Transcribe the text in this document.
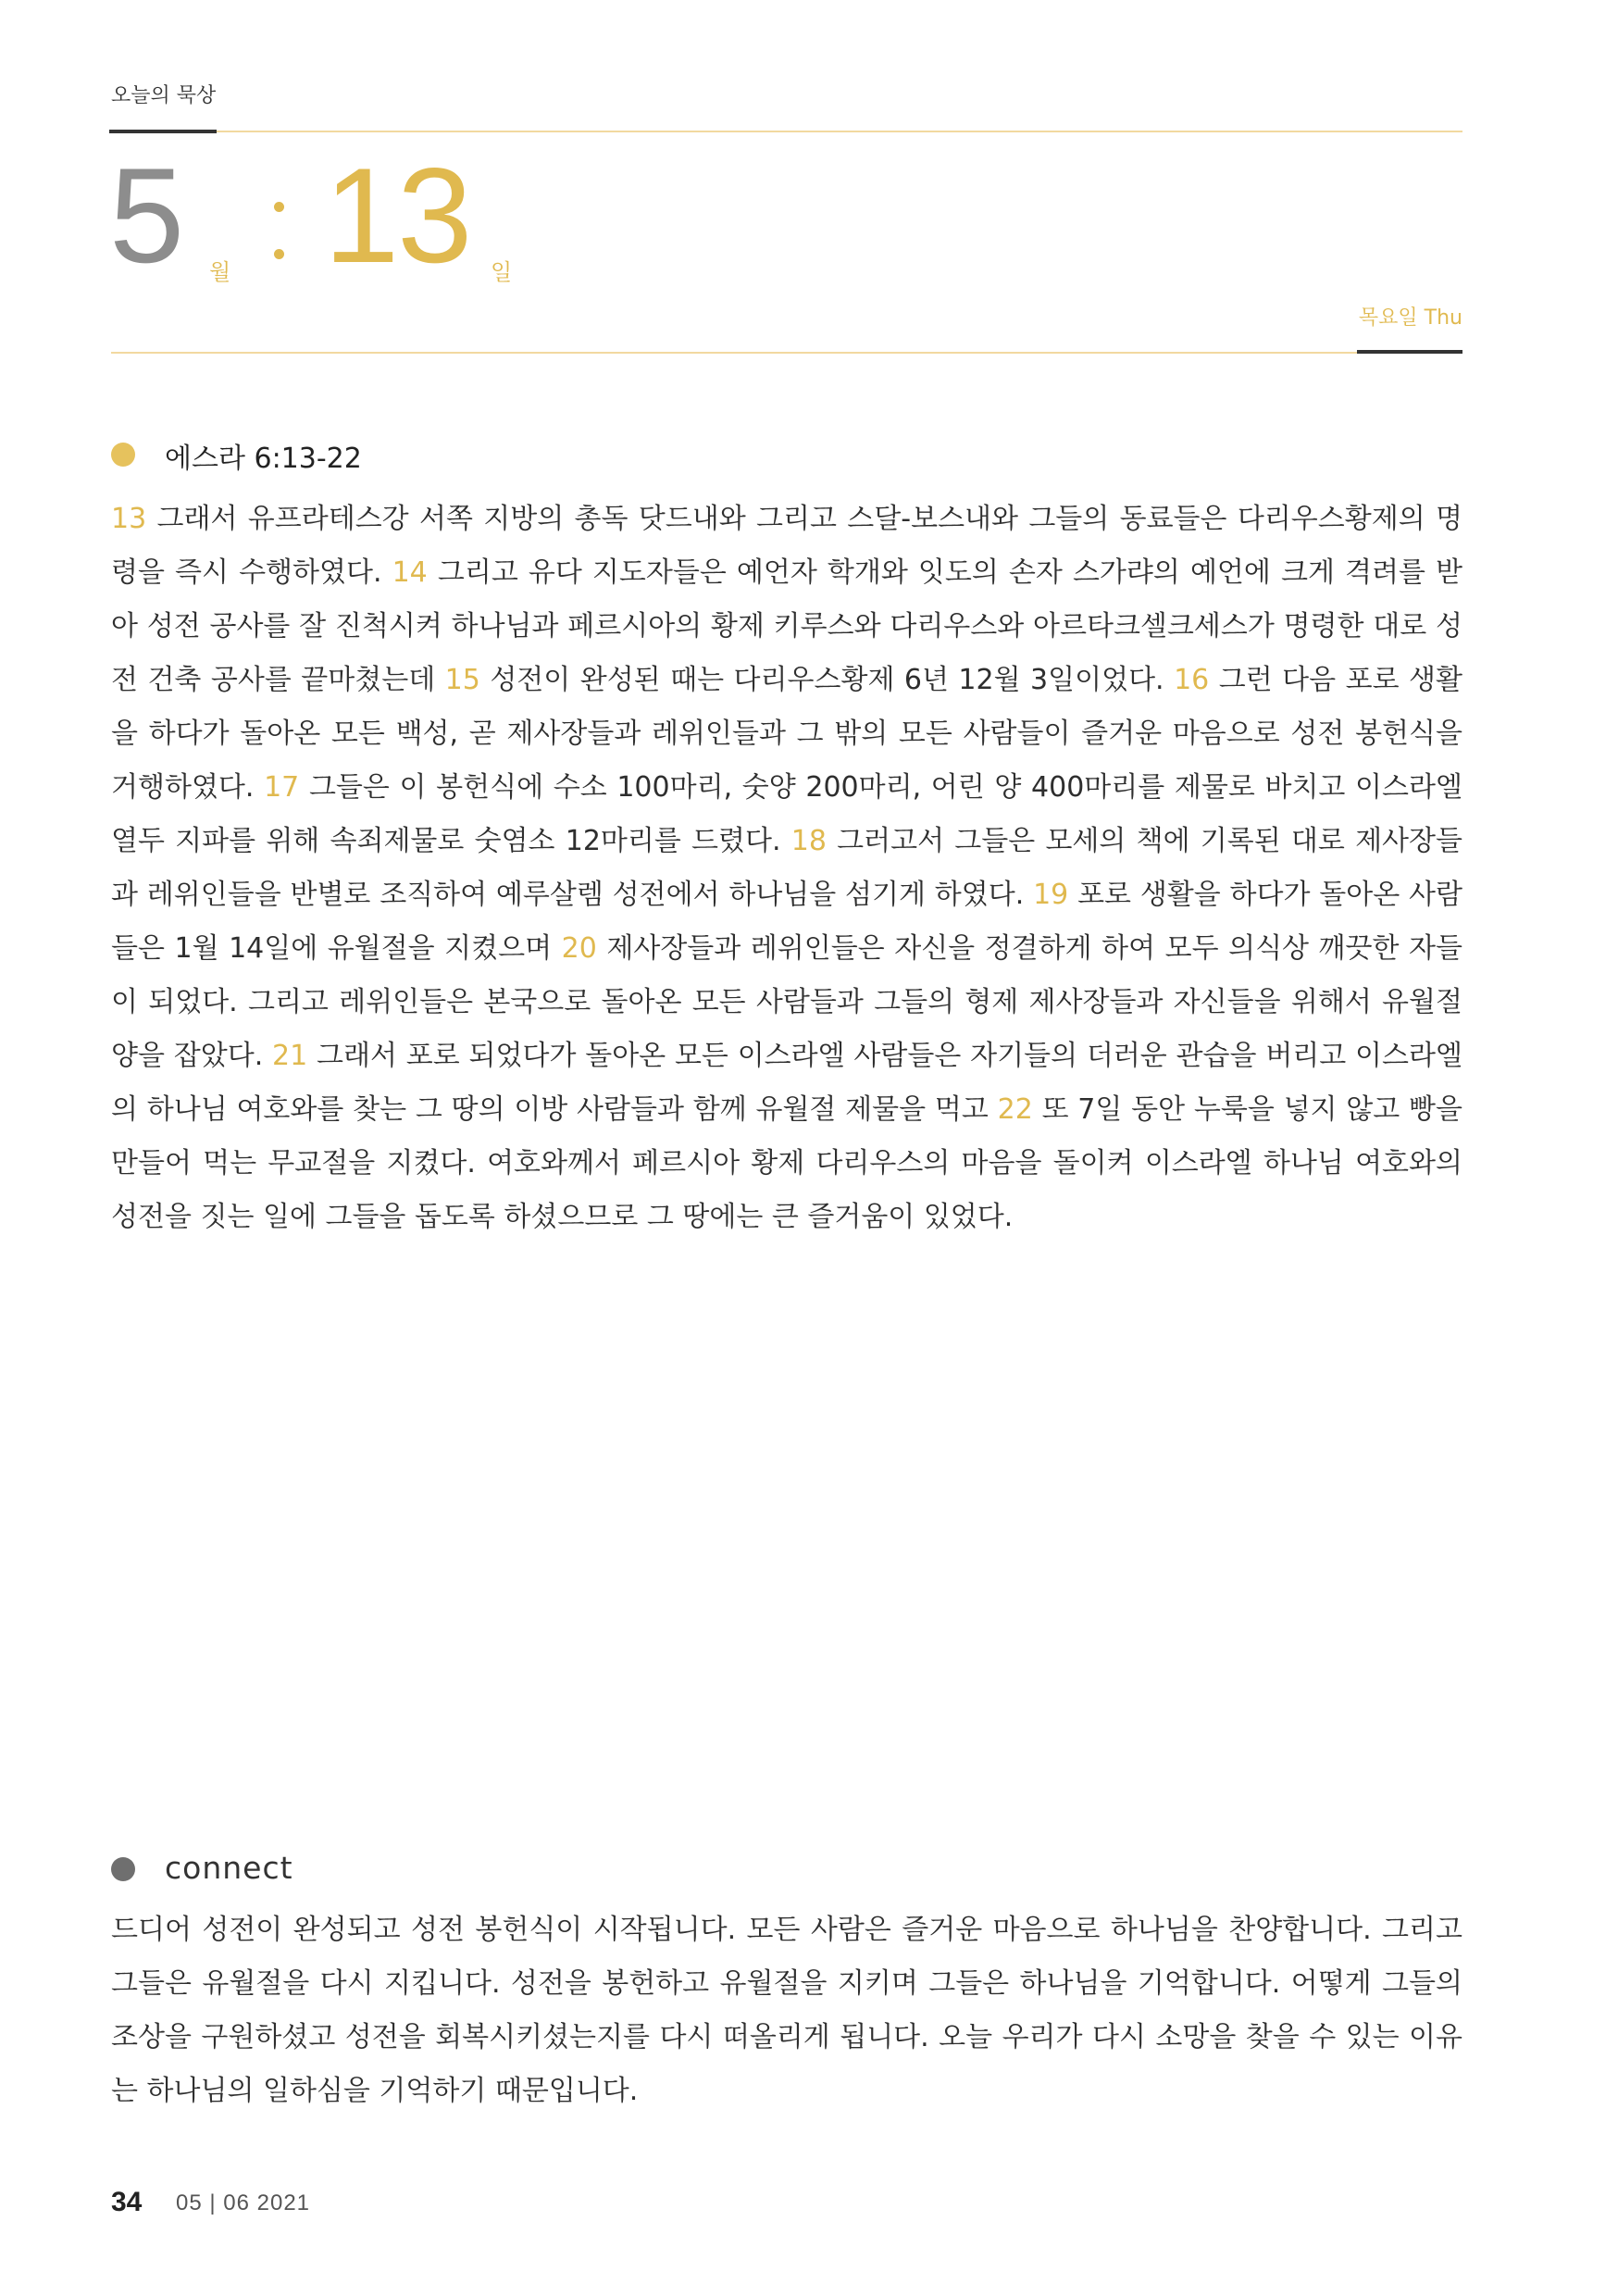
오늘의 묵상
5 월 13 일
목요일 Thu
에스라 6:13-22
13 그래서 유프라테스강 서쪽 지방의 총독 닷드내와 그리고 스달-보스내와 그들의 동료들은 다리우스황제의 명령을 즉시 수행하였다. 14 그리고 유다 지도자들은 예언자 학개와 잇도의 손자 스가랴의 예언에 크게 격려를 받아 성전 공사를 잘 진척시켜 하나님과 페르시아의 황제 키루스와 다리우스와 아르타크셀크세스가 명령한 대로 성전 건축 공사를 끝마쳤는데 15 성전이 완성된 때는 다리우스황제 6년 12월 3일이었다. 16 그런 다음 포로 생활을 하다가 돌아온 모든 백성, 곧 제사장들과 레위인들과 그 밖의 모든 사람들이 즐거운 마음으로 성전 봉헌식을 거행하였다. 17 그들은 이 봉헌식에 수소 100마리, 숫양 200마리, 어린 양 400마리를 제물로 바치고 이스라엘 열두 지파를 위해 속죄제물로 숫염소 12마리를 드렸다. 18 그러고서 그들은 모세의 책에 기록된 대로 제사장들과 레위인들을 반별로 조직하여 예루살렘 성전에서 하나님을 섬기게 하였다. 19 포로 생활을 하다가 돌아온 사람들은 1월 14일에 유월절을 지켰으며 20 제사장들과 레위인들은 자신을 정결하게 하여 모두 의식상 깨끗한 자들이 되었다. 그리고 레위인들은 본국으로 돌아온 모든 사람들과 그들의 형제 제사장들과 자신들을 위해서 유월절 양을 잡았다. 21 그래서 포로 되었다가 돌아온 모든 이스라엘 사람들은 자기들의 더러운 관습을 버리고 이스라엘의 하나님 여호와를 찾는 그 땅의 이방 사람들과 함께 유월절 제물을 먹고 22 또 7일 동안 누룩을 넣지 않고 빵을 만들어 먹는 무교절을 지켰다. 여호와께서 페르시아 황제 다리우스의 마음을 돌이켜 이스라엘 하나님 여호와의 성전을 짓는 일에 그들을 돕도록 하셨으므로 그 땅에는 큰 즐거움이 있었다.
connect
드디어 성전이 완성되고 성전 봉헌식이 시작됩니다. 모든 사람은 즐거운 마음으로 하나님을 찬양합니다. 그리고 그들은 유월절을 다시 지킵니다. 성전을 봉헌하고 유월절을 지키며 그들은 하나님을 기억합니다. 어떻게 그들의 조상을 구원하셨고 성전을 회복시키셨는지를 다시 떠올리게 됩니다. 오늘 우리가 다시 소망을 찾을 수 있는 이유는 하나님의 일하심을 기억하기 때문입니다.
34 05 | 06 2021
